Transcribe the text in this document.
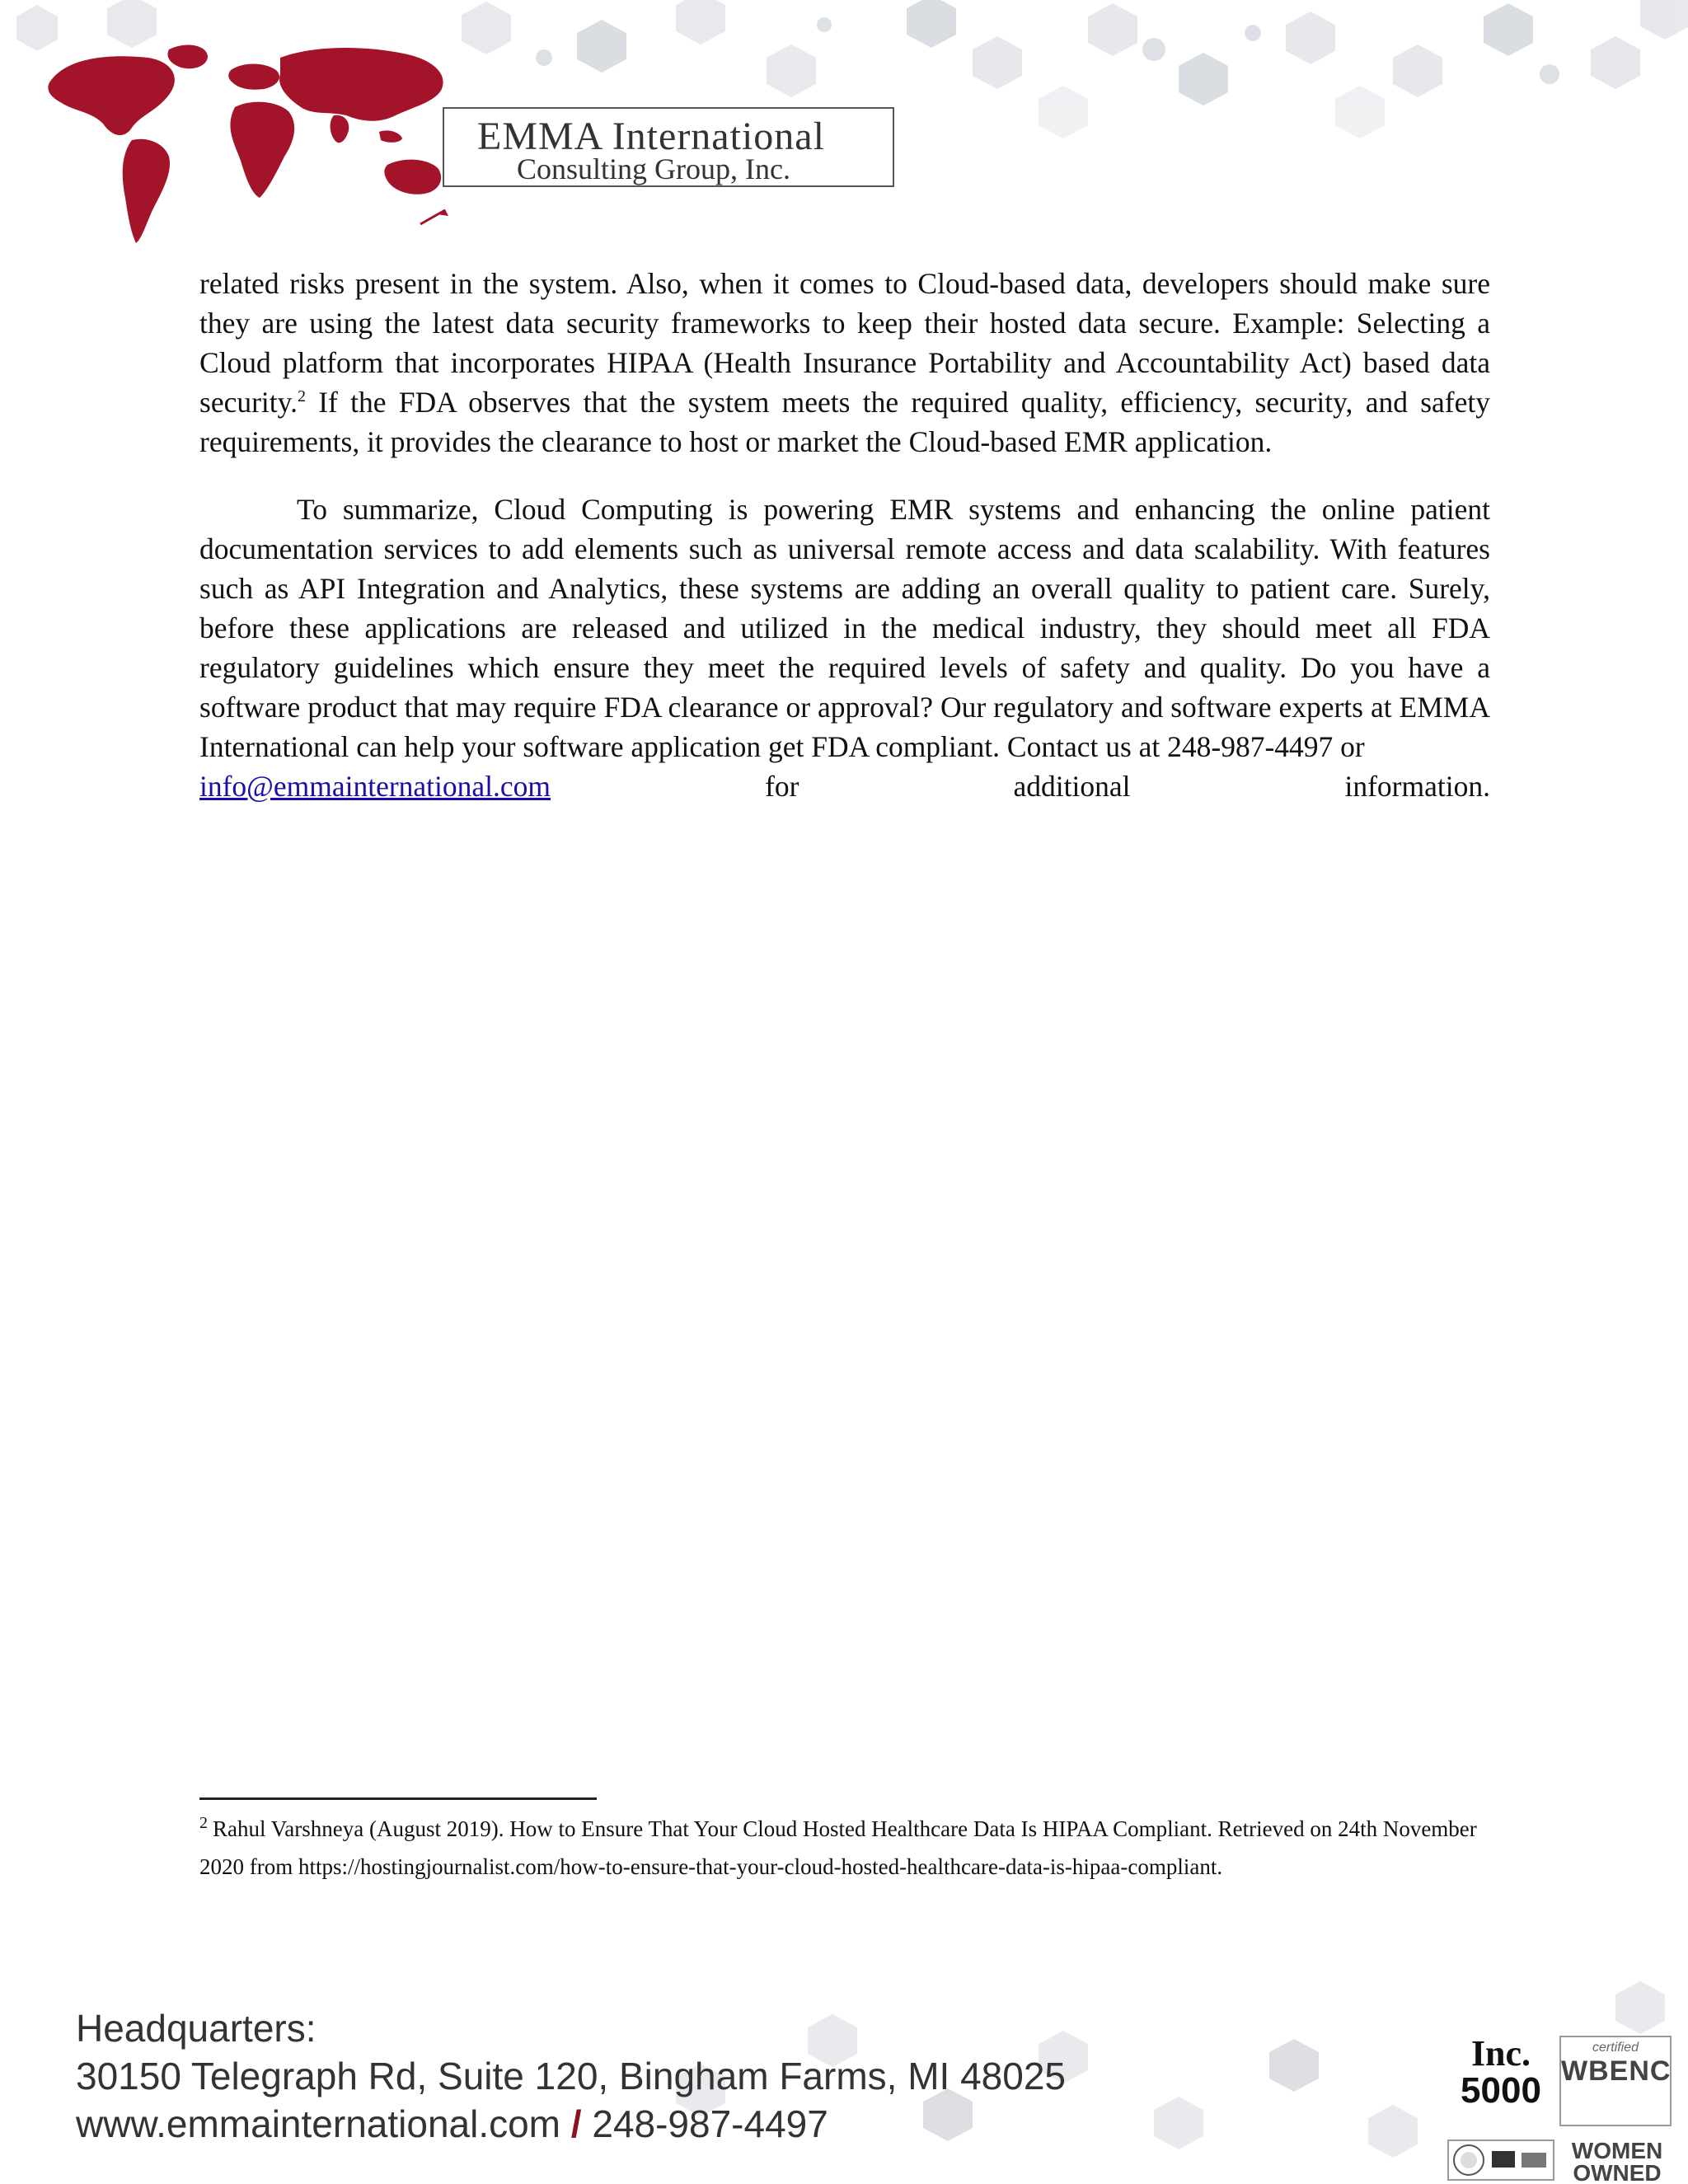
EMMA International
Consulting Group, Inc.

related risks present in the system. Also, when it comes to Cloud-based data, developers should make sure they are using the latest data security frameworks to keep their hosted data secure. Example: Selecting a Cloud platform that incorporates HIPAA (Health Insurance Portability and Accountability Act) based data security.$^2$ If the FDA observes that the system meets the required quality, efficiency, security, and safety requirements, it provides the clearance to host or market the Cloud-based EMR application.

To summarize, Cloud Computing is powering EMR systems and enhancing the online patient documentation services to add elements such as universal remote access and data scalability. With features such as API Integration and Analytics, these systems are adding an overall quality to patient care. Surely, before these applications are released and utilized in the medical industry, they should meet all FDA regulatory guidelines which ensure they meet the required levels of safety and quality. Do you have a software product that may require FDA clearance or approval? Our regulatory and software experts at EMMA International can help your software application get FDA compliant. Contact us at 248-987-4497 or

info@emmainternational.com	for	additional	information.
$^2$ Rahul Varshneya (August 2019). How to Ensure That Your Cloud Hosted Healthcare Data Is HIPAA Compliant. Retrieved on 24th November 2020 from https://hostingjournalist.com/how-to-ensure-that-your-cloud-hosted-healthcare-data-is-hipaa-compliant.
Headquarters:
30150 Telegraph Rd, Suite 120, Bingham Farms, MI 48025
www.emmainternational.com / 248-987-4497
Inc.
5000
certified
WBENC
WOMEN
OWNED
